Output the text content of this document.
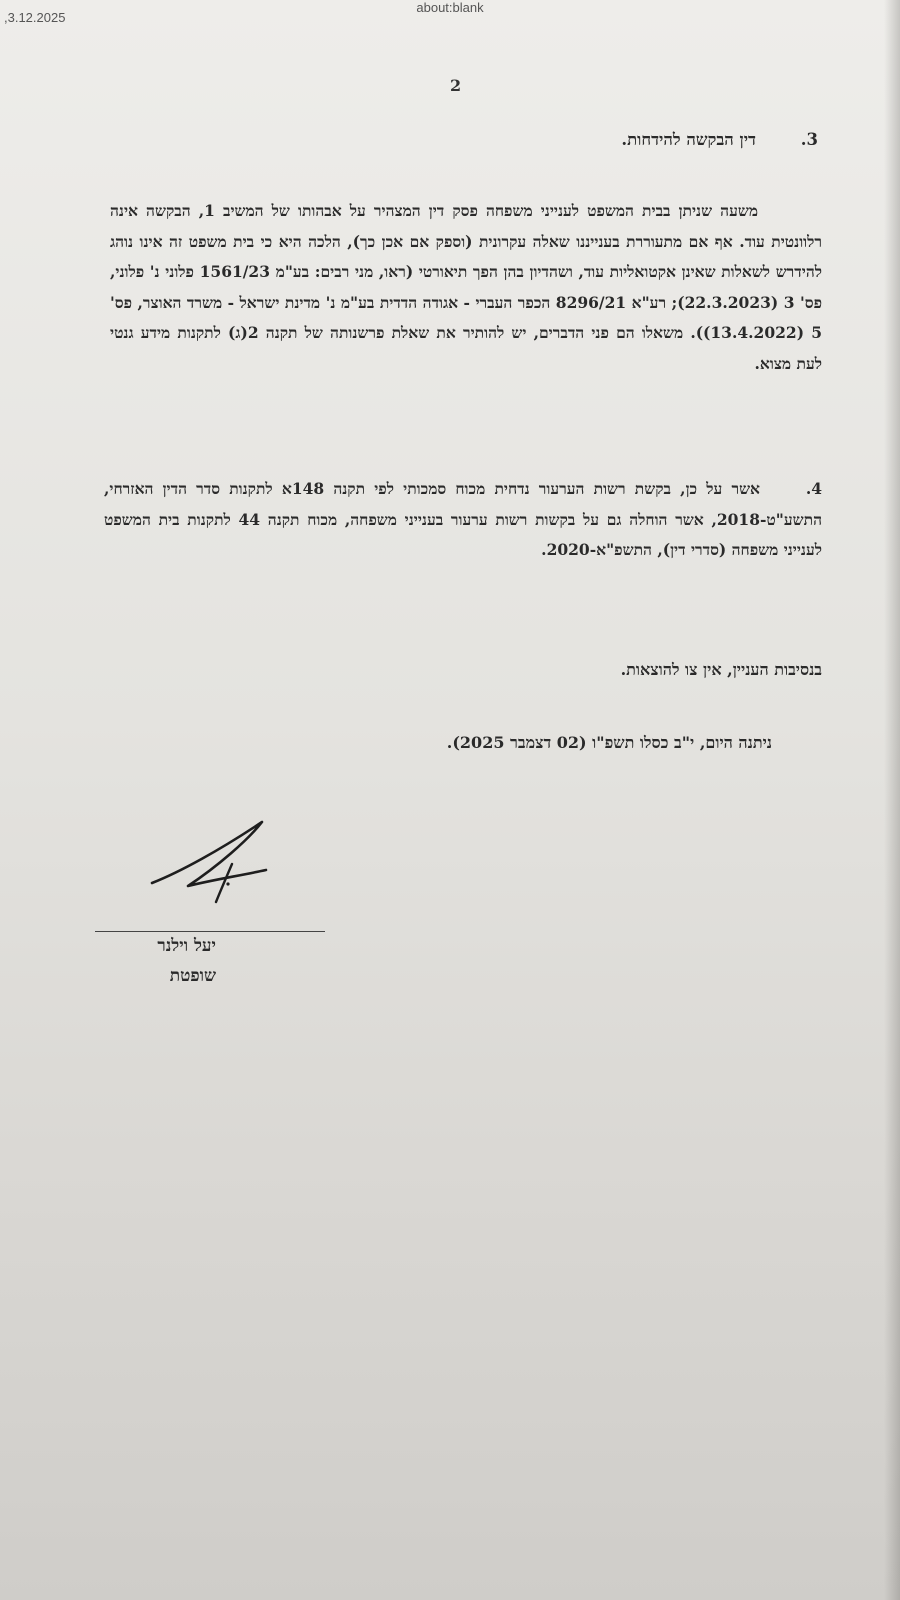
,3.12.2025
about:blank
2
3.דין הבקשה להידחות.
משעה שניתן בבית המשפט לענייני משפחה פסק דין המצהיר על אבהותו של המשיב 1, הבקשה אינה רלוונטית עוד. אף אם מתעוררת בענייננו שאלה עקרונית (וספק אם אכן כך), הלכה היא כי בית משפט זה אינו נוהג להידרש לשאלות שאינן אקטואליות עוד, ושהדיון בהן הפך תיאורטי (ראו, מני רבים: בע"מ 1561/23 פלוני נ' פלוני, פס' 3 (22.3.2023); רע"א 8296/21 הכפר העברי - אגודה הדדית בע"מ נ' מדינת ישראל - משרד האוצר, פס' 5 (13.4.2022)). משאלו הם פני הדברים, יש להותיר את שאלת פרשנותה של תקנה 2(ג) לתקנות מידע גנטי לעת מצוא.
4.אשר על כן, בקשת רשות הערעור נדחית מכוח סמכותי לפי תקנה 148א לתקנות סדר הדין האזרחי, התשע"ט-2018, אשר הוחלה גם על בקשות רשות ערעור בענייני משפחה, מכוח תקנה 44 לתקנות בית המשפט לענייני משפחה (סדרי דין), התשפ"א-2020.
בנסיבות העניין, אין צו להוצאות.
ניתנה היום, י"ב כסלו תשפ"ו (02 דצמבר 2025).
יעל וילנר
שופטת
